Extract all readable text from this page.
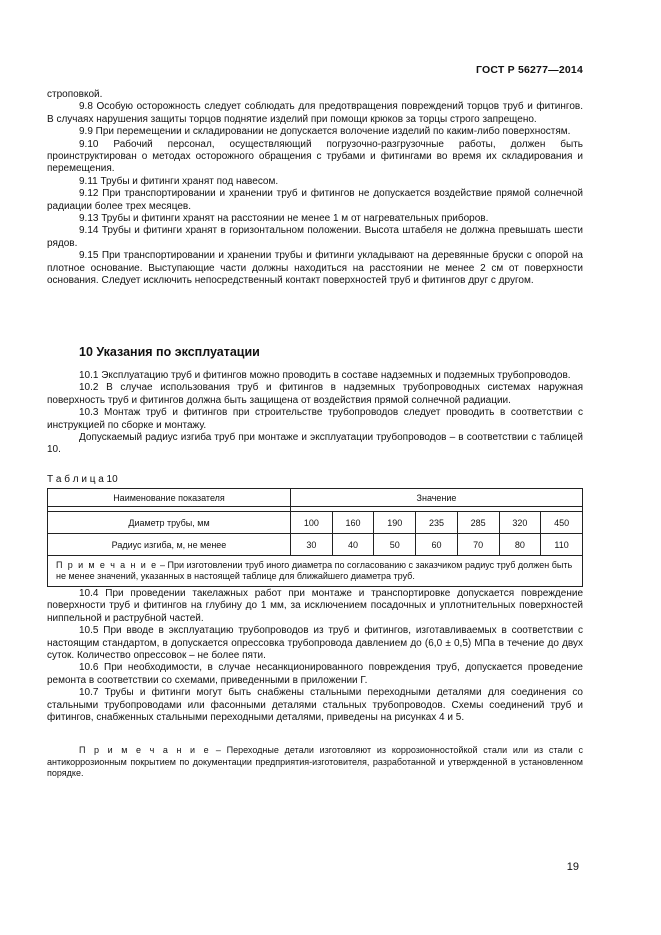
ГОСТ Р 56277—2014

строповкой.

9.8 Особую осторожность следует соблюдать для предотвращения повреждений торцов труб и фитингов. В случаях нарушения защиты торцов поднятие изделий при помощи крюков за торцы строго запрещено.

9.9 При перемещении и складировании не допускается волочение изделий по каким-либо поверхностям.

9.10 Рабочий персонал, осуществляющий погрузочно-разгрузочные работы, должен быть проинструктирован о методах осторожного обращения с трубами и фитингами во время их складирования и перемещения.

9.11 Трубы и фитинги хранят под навесом.

9.12 При транспортировании и хранении труб и фитингов не допускается воздействие прямой солнечной радиации более трех месяцев.

9.13 Трубы и фитинги хранят на расстоянии не менее 1 м от нагревательных приборов.

9.14 Трубы и фитинги хранят в горизонтальном положении. Высота штабеля не должна превышать шести рядов.

9.15 При транспортировании и хранении трубы и фитинги укладывают на деревянные бруски с опорой на плотное основание. Выступающие части должны находиться на расстоянии не менее 2 см от поверхности основания. Следует исключить непосредственный контакт поверхностей труб и фитингов друг с другом.

10 Указания по эксплуатации

10.1 Эксплуатацию труб и фитингов можно проводить в составе надземных и подземных трубопроводов.

10.2 В случае использования труб и фитингов в надземных трубопроводных системах наружная поверхность труб и фитингов должна быть защищена от воздействия прямой солнечной радиации.

10.3 Монтаж труб и фитингов при строительстве трубопроводов следует проводить в соответствии с инструкцией по сборке и монтажу.

Допускаемый радиус изгиба труб при монтаже и эксплуатации трубопроводов – в соответствии с таблицей 10.

Т а б л и ц а 10

Наименование показателя	Значение						

Диаметр трубы, мм	100	160	190	235	285	320	450
Радиус изгиба, м, не менее	30	40	50	60	70	80	110
П р и м е ч а н и е – При изготовлении труб иного диаметра по согласованию с заказчиком радиус труб должен быть не менее значений, указанных в настоящей таблице для ближайшего диаметра труб.							

10.4 При проведении такелажных работ при монтаже и транспортировке допускается повреждение поверхности труб и фитингов на глубину до 1 мм, за исключением посадочных и уплотнительных поверхностей ниппельной и раструбной частей.

10.5 При вводе в эксплуатацию трубопроводов из труб и фитингов, изготавливаемых в соответствии с настоящим стандартом, в допускается опрессовка трубопровода давлением до (6,0 ± 0,5) МПа в течение до двух суток. Количество опрессовок – не более пяти.

10.6 При необходимости, в случае несанкционированного повреждения труб, допускается проведение ремонта в соответствии со схемами, приведенными в приложении Г.

10.7 Трубы и фитинги могут быть снабжены стальными переходными деталями для соединения со стальными трубопроводами или фасонными деталями стальных трубопроводов. Схемы соединений труб и фитингов, снабженных стальными переходными деталями, приведены на рисунках 4 и 5.

П р и м е ч а н и е – Переходные детали изготовляют из коррозионностойкой стали или из стали с антикоррозионным покрытием по документации предприятия-изготовителя, разработанной и утвержденной в установленном порядке.
19
